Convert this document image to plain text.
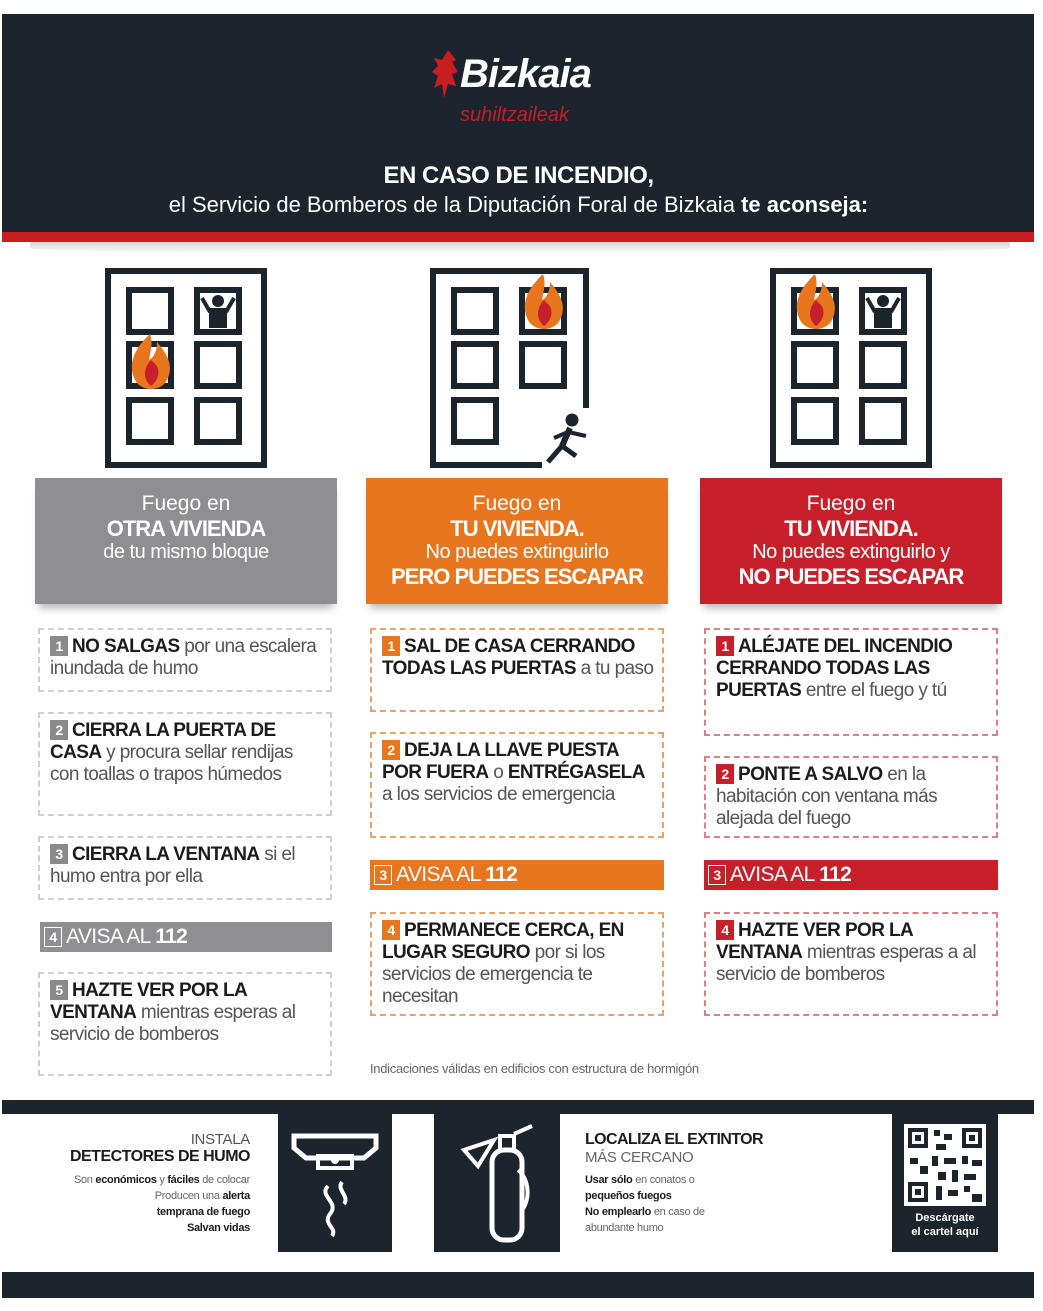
Bizkaia
suhiltzaileak
EN CASO DE INCENDIO,
el Servicio de Bomberos de la Diputación Foral de Bizkaia te aconseja:
Fuego en
OTRA VIVIENDA
de tu mismo bloque
Fuego en
TU VIVIENDA.
No puedes extinguirlo
PERO PUEDES ESCAPAR
Fuego en
TU VIVIENDA.
No puedes extinguirlo y
NO PUEDES ESCAPAR
1 NO SALGAS por una escalera inundada de humo
2 CIERRA LA PUERTA DE CASA y procura sellar rendijas con toallas o trapos húmedos
3 CIERRA LA VENTANA si el humo entra por ella
4 AVISA AL 112
5 HAZTE VER POR LA VENTANA mientras esperas al servicio de bomberos
1 SAL DE CASA CERRANDO TODAS LAS PUERTAS a tu paso
2 DEJA LA LLAVE PUESTA POR FUERA o ENTRÉGASELA a los servicios de emergencia
3 AVISA AL 112
4 PERMANECE CERCA, EN LUGAR SEGURO por si los servicios de emergencia te necesitan
1 ALÉJATE DEL INCENDIO CERRANDO TODAS LAS PUERTAS entre el fuego y tú
2 PONTE A SALVO en la habitación con ventana más alejada del fuego
3 AVISA AL 112
4 HAZTE VER POR LA VENTANA mientras esperas a al servicio de bomberos
Indicaciones válidas en edificios con estructura de hormigón
INSTALA
DETECTORES DE HUMO
Son económicos y fáciles de colocar
Producen una alerta
temprana de fuego
Salvan vidas
LOCALIZA EL EXTINTOR
MÁS CERCANO
Usar sólo en conatos o
pequeños fuegos
No emplearlo en caso de
abundante humo
Descárgate
el cartel aquí
